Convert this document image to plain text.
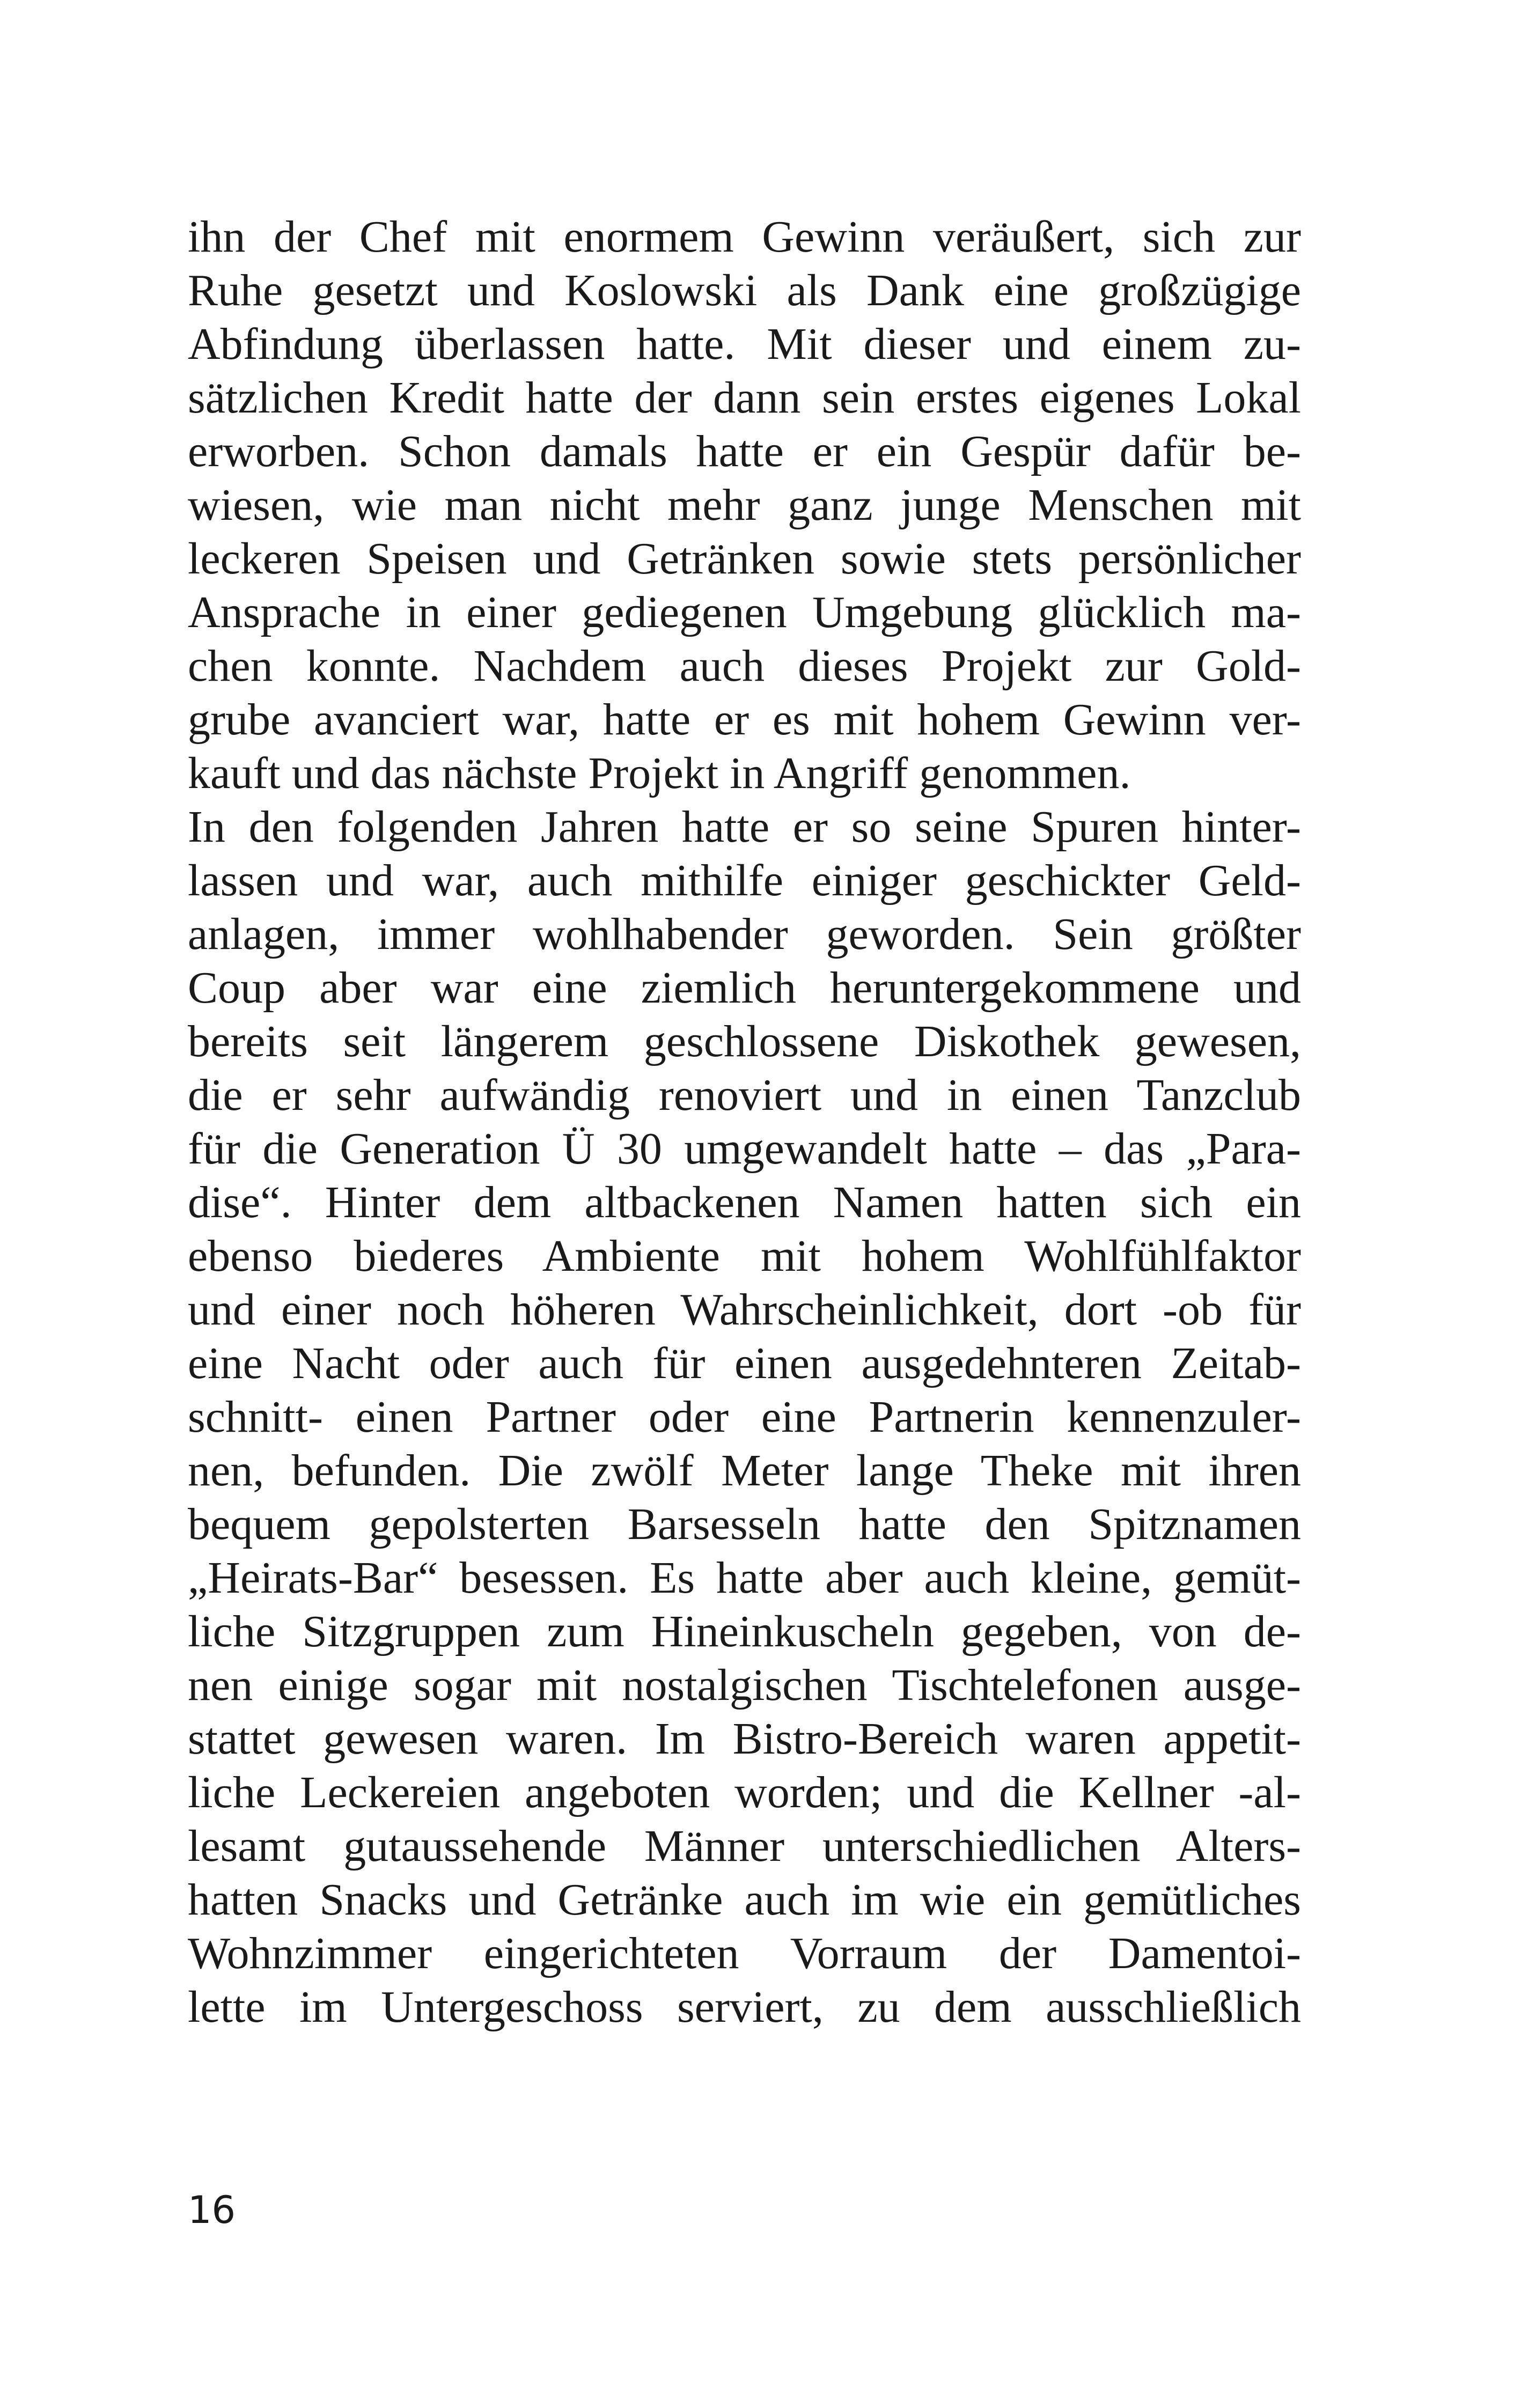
ihn der Chef mit enormem Gewinn veräußert, sich zur
Ruhe gesetzt und Koslowski als Dank eine großzügige
Abfindung überlassen hatte. Mit dieser und einem zu-
sätzlichen Kredit hatte der dann sein erstes eigenes Lokal
erworben. Schon damals hatte er ein Gespür dafür be-
wiesen, wie man nicht mehr ganz junge Menschen mit
leckeren Speisen und Getränken sowie stets persönlicher
Ansprache in einer gediegenen Umgebung glücklich ma-
chen konnte. Nachdem auch dieses Projekt zur Gold-
grube avanciert war, hatte er es mit hohem Gewinn ver-
kauft und das nächste Projekt in Angriff genommen.
In den folgenden Jahren hatte er so seine Spuren hinter-
lassen und war, auch mithilfe einiger geschickter Geld-
anlagen, immer wohlhabender geworden. Sein größter
Coup aber war eine ziemlich heruntergekommene und
bereits seit längerem geschlossene Diskothek gewesen,
die er sehr aufwändig renoviert und in einen Tanzclub
für die Generation Ü 30 umgewandelt hatte – das „Para-
dise“. Hinter dem altbackenen Namen hatten sich ein
ebenso biederes Ambiente mit hohem Wohlfühlfaktor
und einer noch höheren Wahrscheinlichkeit, dort -ob für
eine Nacht oder auch für einen ausgedehnteren Zeitab-
schnitt- einen Partner oder eine Partnerin kennenzuler-
nen, befunden. Die zwölf Meter lange Theke mit ihren
bequem gepolsterten Barsesseln hatte den Spitznamen
„Heirats-Bar“ besessen. Es hatte aber auch kleine, gemüt-
liche Sitzgruppen zum Hineinkuscheln gegeben, von de-
nen einige sogar mit nostalgischen Tischtelefonen ausge-
stattet gewesen waren. Im Bistro-Bereich waren appetit-
liche Leckereien angeboten worden; und die Kellner -al-
lesamt gutaussehende Männer unterschiedlichen Alters-
hatten Snacks und Getränke auch im wie ein gemütliches
Wohnzimmer eingerichteten Vorraum der Damentoi-
lette im Untergeschoss serviert, zu dem ausschließlich
16
